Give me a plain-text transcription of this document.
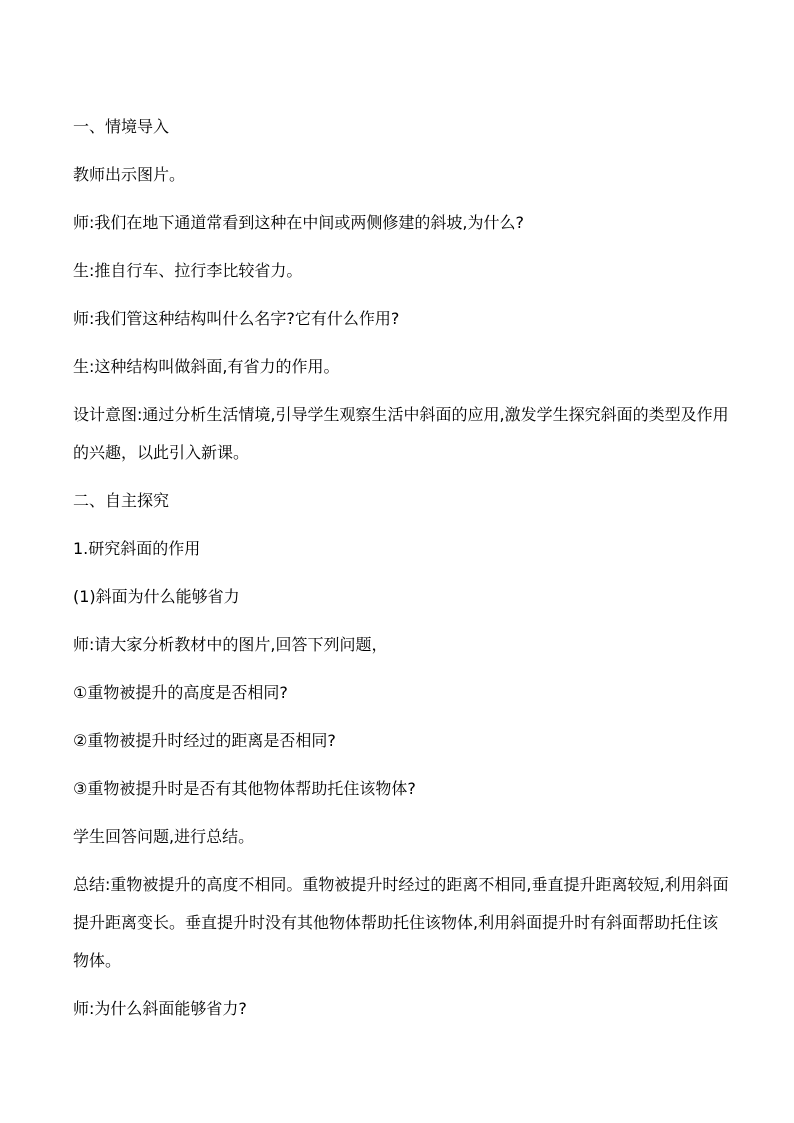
一、情境导入

教师出示图片。

师:我们在地下通道常看到这种在中间或两侧修建的斜坡,为什么?

生:推自行车、拉行李比较省力。

师:我们管这种结构叫什么名字?它有什么作用?

生:这种结构叫做斜面,有省力的作用。

设计意图:通过分析生活情境,引导学生观察生活中斜面的应用,激发学生探究斜面的类型及作用的兴趣，以此引入新课。

二、自主探究

1.研究斜面的作用

(1)斜面为什么能够省力

师:请大家分析教材中的图片,回答下列问题，

①重物被提升的高度是否相同?

②重物被提升时经过的距离是否相同?

③重物被提升时是否有其他物体帮助托住该物体?

学生回答问题,进行总结。

总结:重物被提升的高度不相同。重物被提升时经过的距离不相同,垂直提升距离较短,利用斜面提升距离变长。垂直提升时没有其他物体帮助托住该物体,利用斜面提升时有斜面帮助托住该物体。

师:为什么斜面能够省力?
